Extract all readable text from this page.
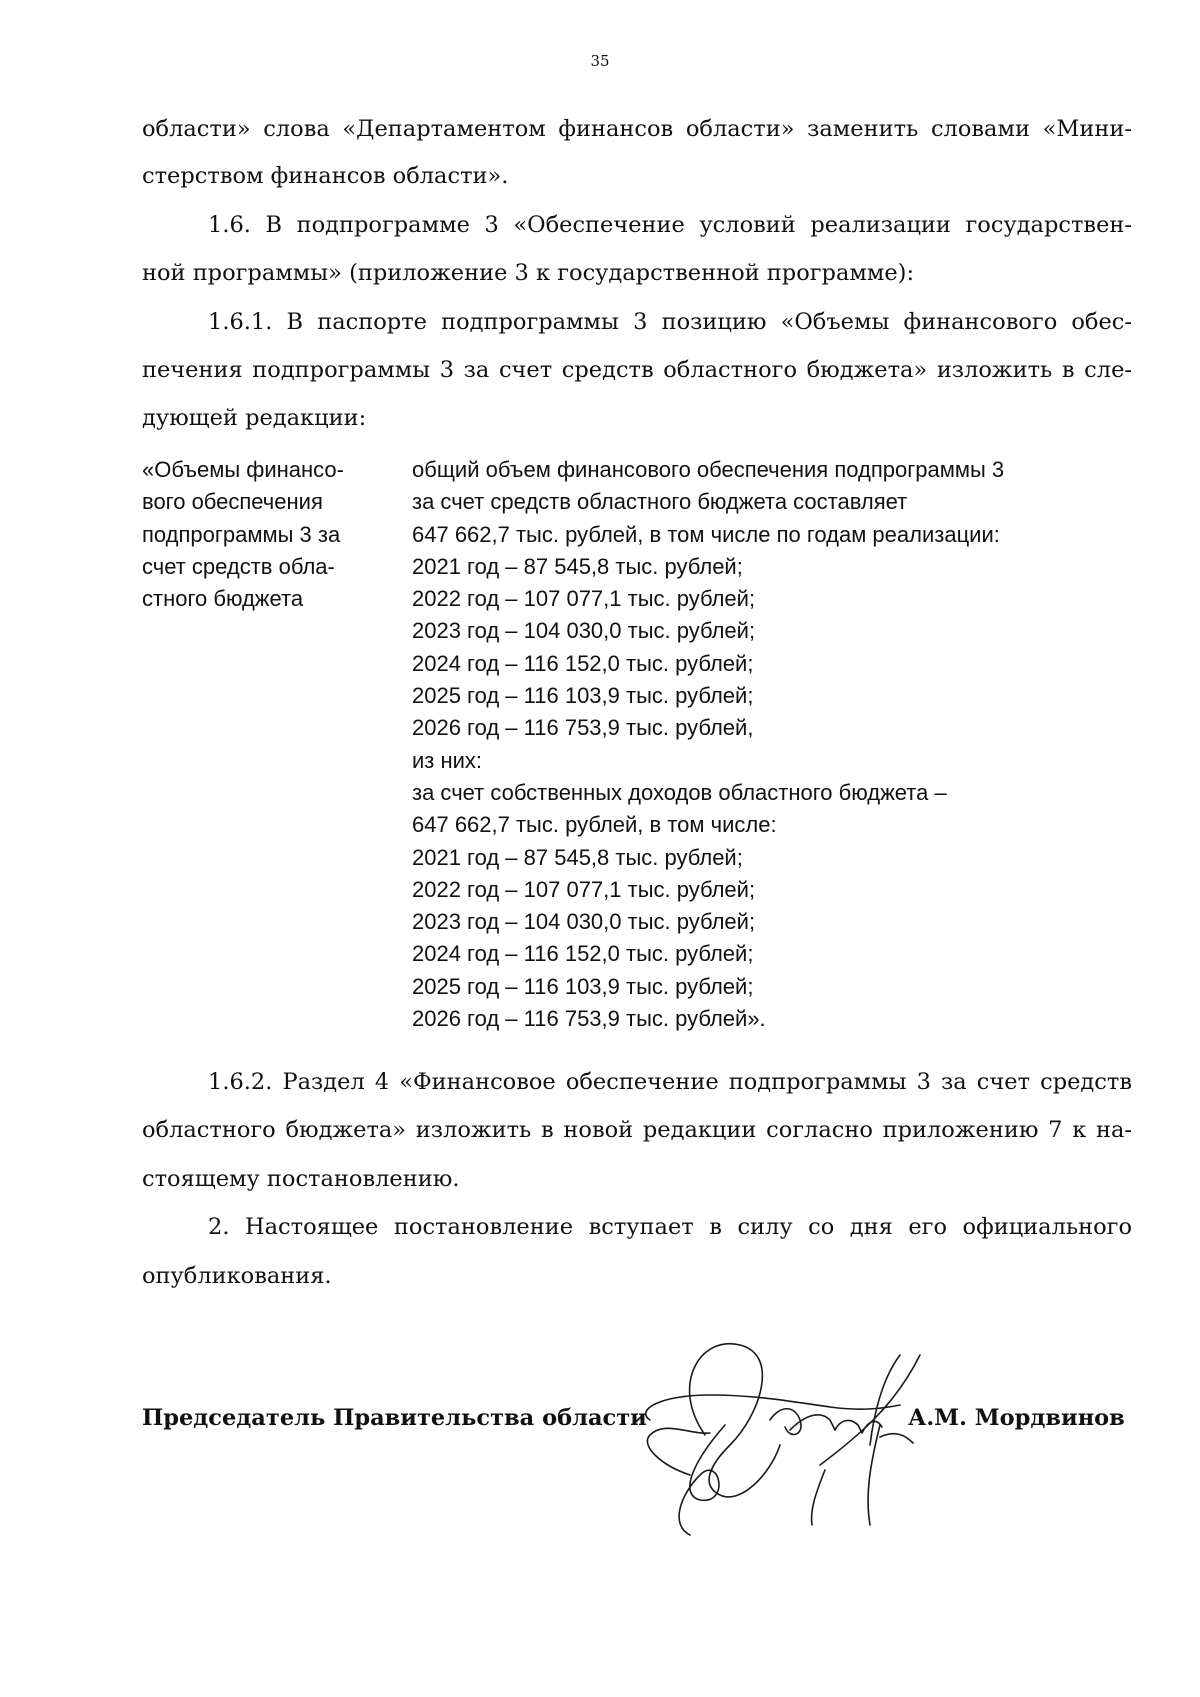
35
области» слова «Департаментом финансов области» заменить словами «Мини-
стерством финансов области».
1.6. В подпрограмме 3 «Обеспечение условий реализации государствен-
ной программы» (приложение 3 к государственной программе):
1.6.1. В паспорте подпрограммы 3 позицию «Объемы финансового обес-
печения подпрограммы 3 за счет средств областного бюджета» изложить в сле-
дующей редакции:
«Объемы финансо-
вого обеспечения
подпрограммы 3 за
счет средств обла-
стного бюджета
общий объем финансового обеспечения подпрограммы 3
за счет средств областного бюджета составляет
647 662,7 тыс. рублей, в том числе по годам реализации:
2021 год – 87 545,8 тыс. рублей;
2022 год – 107 077,1 тыс. рублей;
2023 год – 104 030,0 тыс. рублей;
2024 год – 116 152,0 тыс. рублей;
2025 год – 116 103,9 тыс. рублей;
2026 год – 116 753,9 тыс. рублей,
из них:
за счет собственных доходов областного бюджета –
647 662,7 тыс. рублей, в том числе:
2021 год – 87 545,8 тыс. рублей;
2022 год – 107 077,1 тыс. рублей;
2023 год – 104 030,0 тыс. рублей;
2024 год – 116 152,0 тыс. рублей;
2025 год – 116 103,9 тыс. рублей;
2026 год – 116 753,9 тыс. рублей».
1.6.2. Раздел 4 «Финансовое обеспечение подпрограммы 3 за счет средств
областного бюджета» изложить в новой редакции согласно приложению 7 к на-
стоящему постановлению.
2. Настоящее постановление вступает в силу со дня его официального
опубликования.
Председатель Правительства области	А.М. Мордвинов
